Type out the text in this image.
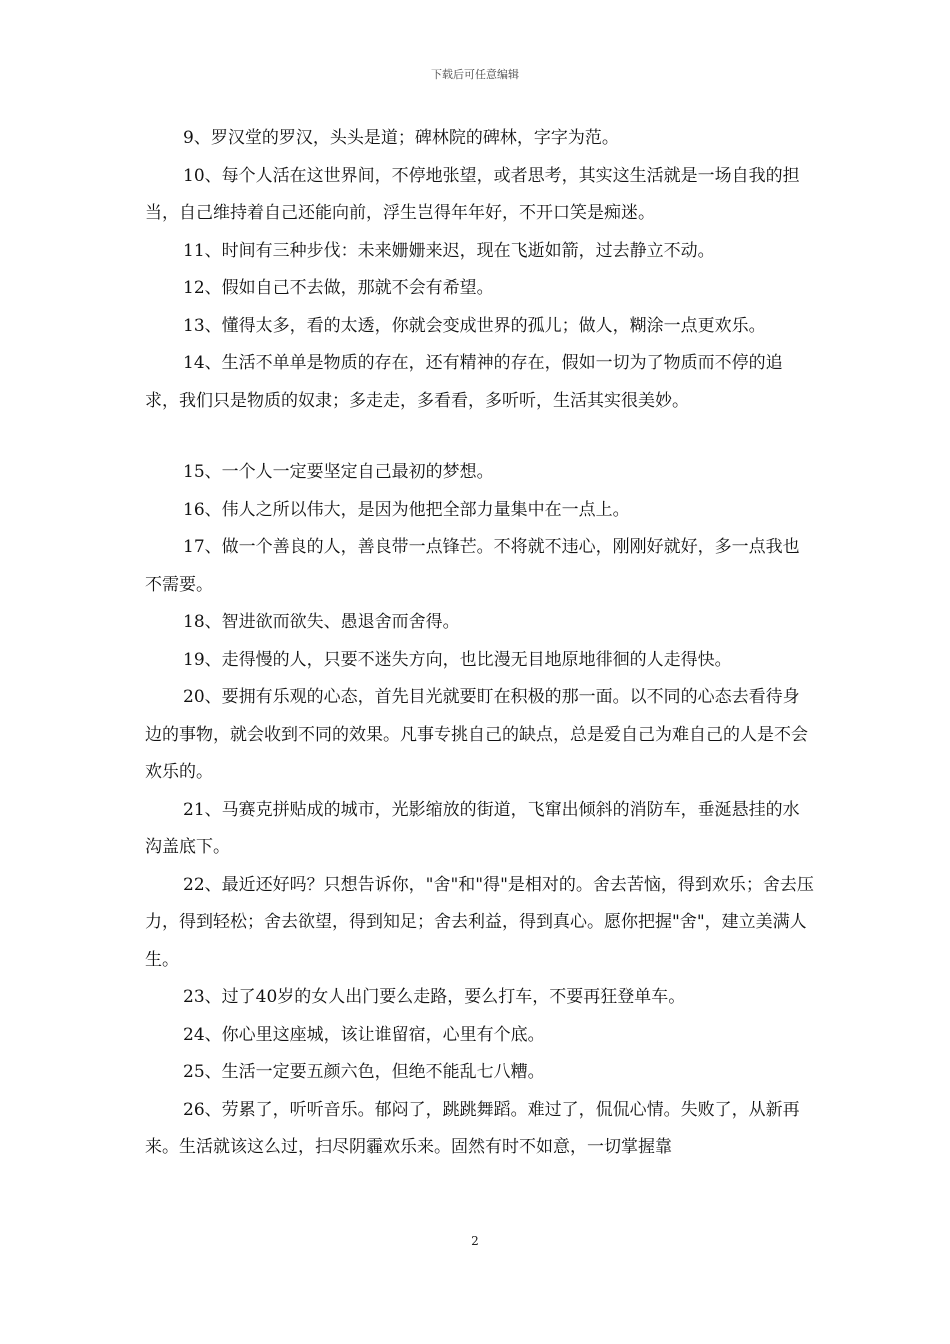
下载后可任意编辑

9、罗汉堂的罗汉，头头是道；碑林院的碑林，字字为范。

10、每个人活在这世界间，不停地张望，或者思考，其实这生活就是一场自我的担当，自己维持着自己还能向前，浮生岂得年年好，不开口笑是痴迷。

11、时间有三种步伐：未来姗姗来迟，现在飞逝如箭，过去静立不动。

12、假如自己不去做，那就不会有希望。

13、懂得太多，看的太透，你就会变成世界的孤儿；做人，糊涂一点更欢乐。

14、生活不单单是物质的存在，还有精神的存在，假如一切为了物质而不停的追求，我们只是物质的奴隶；多走走，多看看，多听听，生活其实很美妙。

15、一个人一定要坚定自己最初的梦想。

16、伟人之所以伟大，是因为他把全部力量集中在一点上。

17、做一个善良的人，善良带一点锋芒。不将就不违心，刚刚好就好，多一点我也不需要。

18、智进欲而欲失、愚退舍而舍得。

19、走得慢的人，只要不迷失方向，也比漫无目地原地徘徊的人走得快。

20、要拥有乐观的心态，首先目光就要盯在积极的那一面。以不同的心态去看待身边的事物，就会收到不同的效果。凡事专挑自己的缺点，总是爱自己为难自己的人是不会欢乐的。

21、马赛克拼贴成的城市，光影缩放的街道，飞窜出倾斜的消防车，垂涎悬挂的水沟盖底下。

22、最近还好吗？只想告诉你，"舍"和"得"是相对的。舍去苦恼，得到欢乐；舍去压力，得到轻松；舍去欲望，得到知足；舍去利益，得到真心。愿你把握"舍"，建立美满人生。

23、过了40岁的女人出门要么走路，要么打车，不要再狂登单车。

24、你心里这座城，该让谁留宿，心里有个底。

25、生活一定要五颜六色，但绝不能乱七八糟。

26、劳累了，听听音乐。郁闷了，跳跳舞蹈。难过了，侃侃心情。失败了，从新再来。生活就该这么过，扫尽阴霾欢乐来。固然有时不如意，一切掌握靠

2
